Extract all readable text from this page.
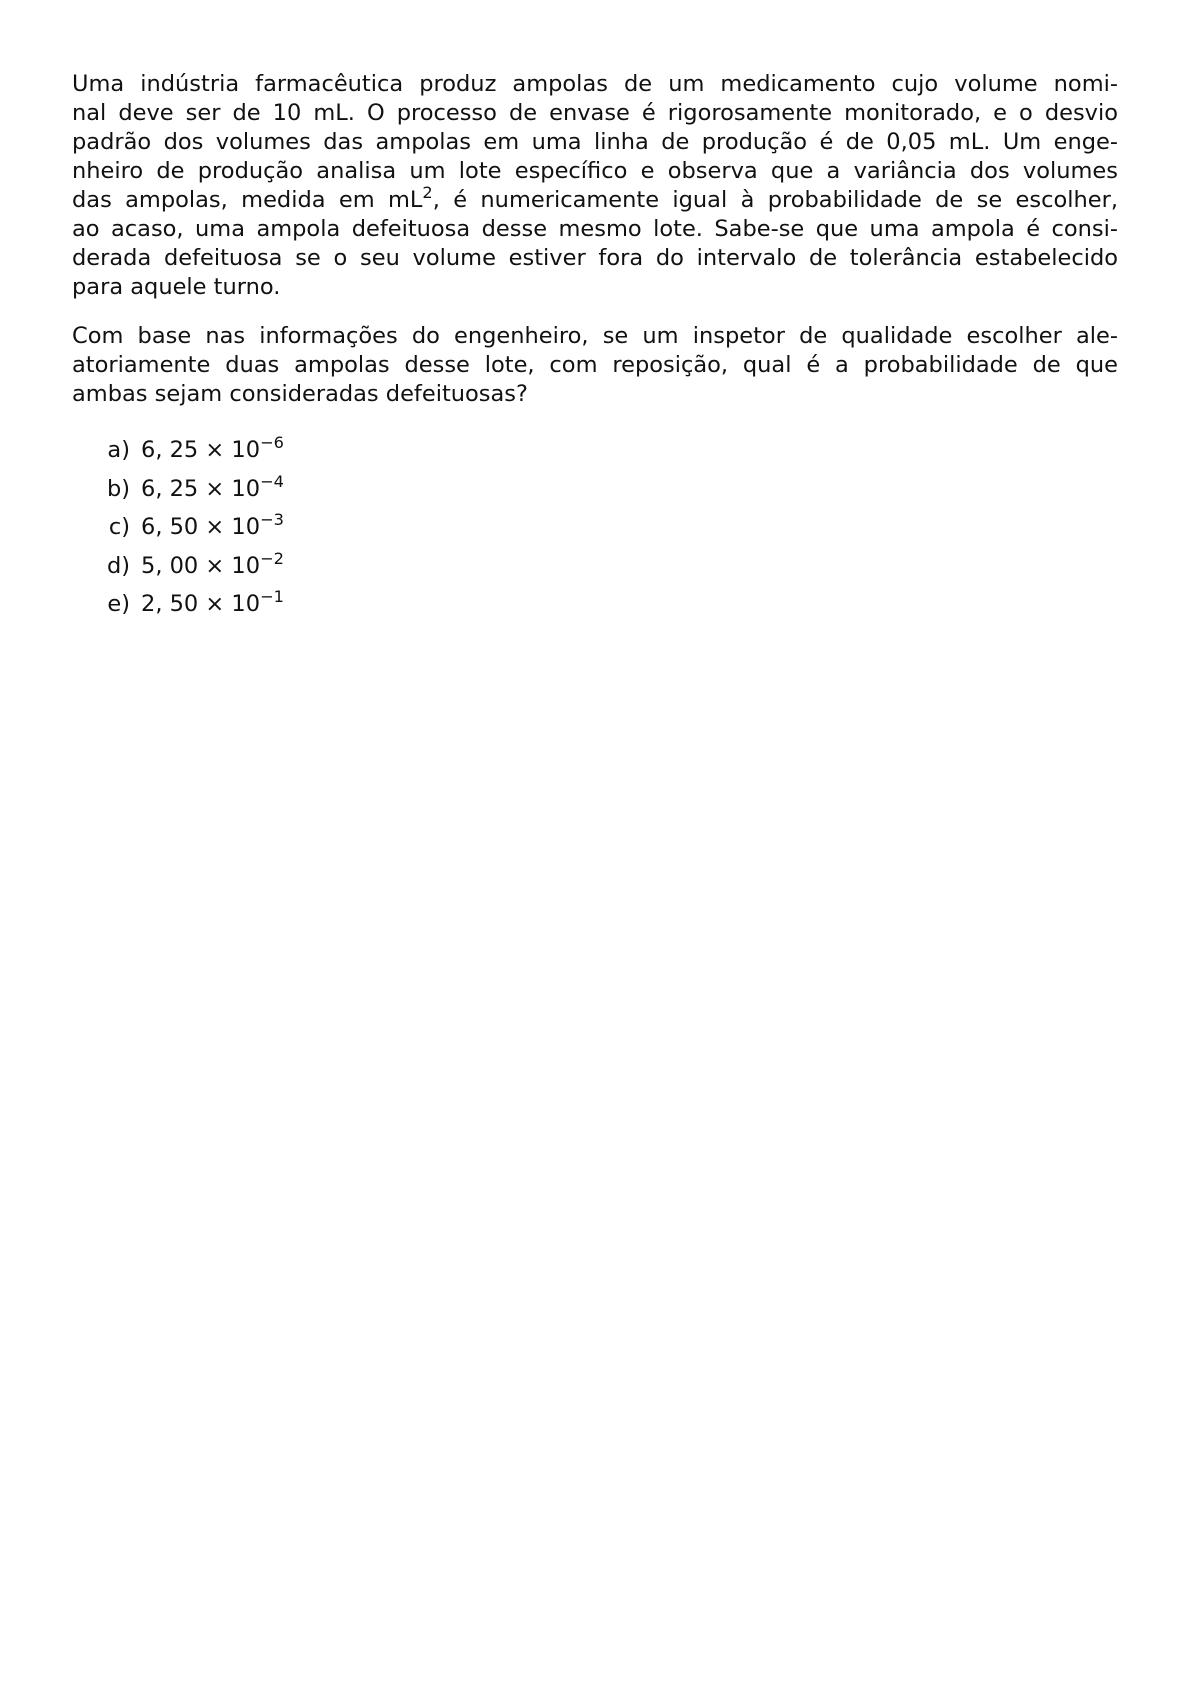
Uma indústria farmacêutica produz ampolas de um medicamento cujo volume nomi-
nal deve ser de 10 mL. O processo de envase é rigorosamente monitorado, e o desvio
padrão dos volumes das ampolas em uma linha de produção é de 0,05 mL. Um enge-
nheiro de produção analisa um lote específico e observa que a variância dos volumes
das ampolas, medida em $mL^2$, é numericamente igual à probabilidade de se escolher,
ao acaso, uma ampola defeituosa desse mesmo lote. Sabe-se que uma ampola é consi-
derada defeituosa se o seu volume estiver fora do intervalo de tolerância estabelecido
para aquele turno.

Com base nas informações do engenheiro, se um inspetor de qualidade escolher ale-
atoriamente duas ampolas desse lote, com reposição, qual é a probabilidade de que
ambas sejam consideradas defeituosas?

a) 6, $25 \times 10^{-6}$
b) 6, $25 \times 10^{-4}$
c) 6, $50 \times 10^{-3}$
d) 5, $00 \times 10^{-2}$
e) 2, $50 \times 10^{-1}$
